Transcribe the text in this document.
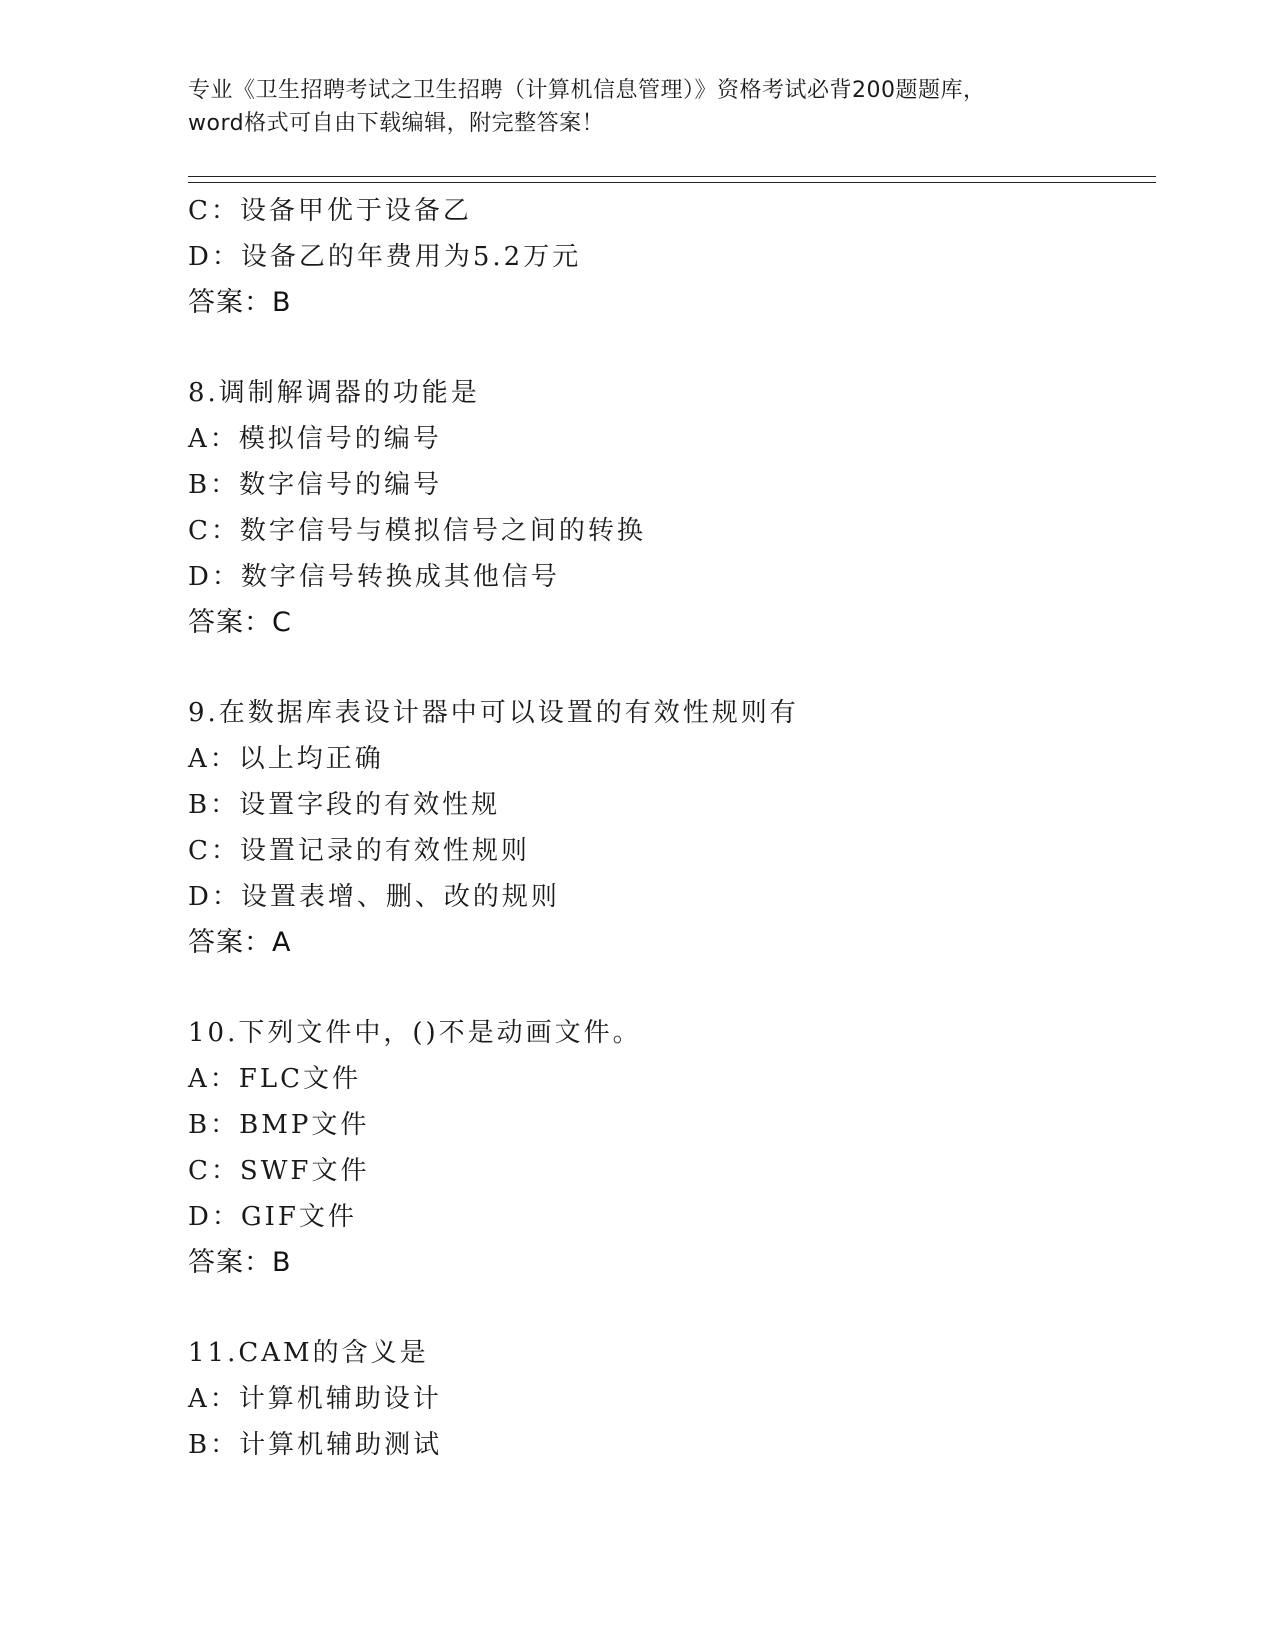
专业《卫生招聘考试之卫生招聘（计算机信息管理）》资格考试必背200题题库，
word格式可自由下载编辑，附完整答案！
C：设备甲优于设备乙
D：设备乙的年费用为5.2万元
答案：B
8.调制解调器的功能是
A：模拟信号的编号
B：数字信号的编号
C：数字信号与模拟信号之间的转换
D：数字信号转换成其他信号
答案：C
9.在数据库表设计器中可以设置的有效性规则有
A：以上均正确
B：设置字段的有效性规
C：设置记录的有效性规则
D：设置表增、删、改的规则
答案：A
10.下列文件中，()不是动画文件。
A：FLC文件
B：BMP文件
C：SWF文件
D：GIF文件
答案：B
11.CAM的含义是
A：计算机辅助设计
B：计算机辅助测试
